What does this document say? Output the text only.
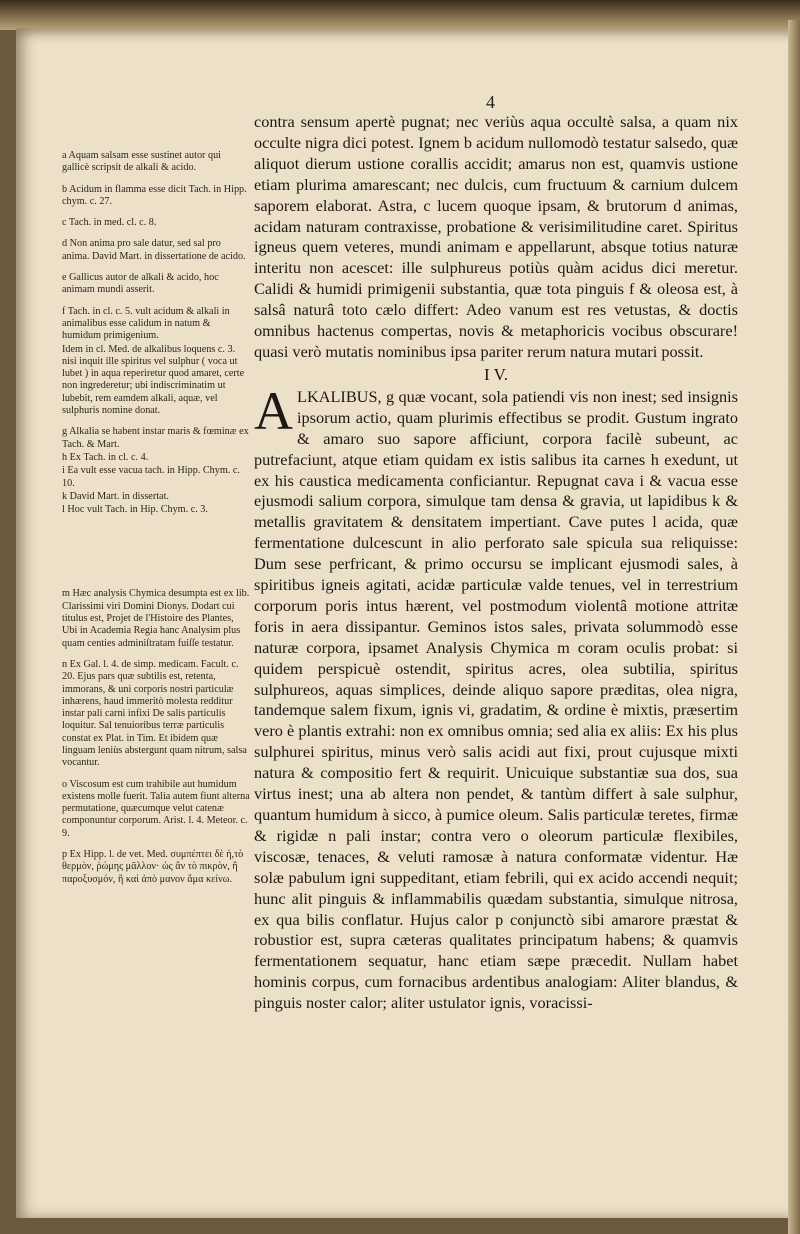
4

a Aquam salsam esse sustinet autor qui gallicè scripsit de alkali & acido.

b Acidum in flamma esse dicit Tach. in Hipp. chym. c. 27.

c Tach. in med. cl. c. 8.

d Non anima pro sale datur, sed sal pro anima. David Mart. in dissertatione de acido.

e Gallicus autor de alkali & acido, hoc animam mundi asserit.

f Tach. in cl. c. 5. vult acidum & alkali in animalibus esse calidum in natum & humidum primigenium.

Idem in cl. Med. de alkalibus loquens c. 3. nisi inquit ille spiritus vel sulphur ( voca ut lubet ) in aqua reperiretur quod amaret, certe non ingrederetur; ubi indiscriminatim ut lubebit, rem eamdem alkali, aquæ, vel sulphuris nomine donat.

g Alkalia se habent instar maris & fœminæ ex Tach. & Mart.

h Ex Tach. in cl. c. 4.

i Ea vult esse vacua tach. in Hipp. Chym. c. 10.

k David Mart. in dissertat.

l Hoc vult Tach. in Hip. Chym. c. 3.

m Hæc analysis Chymica desumpta est ex lib. Clarissimi viri Domini Dionys. Dodart cui titulus est, Projet de l'Histoire des Plantes, Ubi in Academia Regia hanc Analysim plus quam centies adminiſtratam fuiſſe testatur.

n Ex Gal. l. 4. de simp. medicam. Facult. c. 20. Ejus pars quæ subtilis est, retenta, immorans, & uni corporis nostri particulæ inhærens, haud immeritò molesta redditur instar pali carni infixi De salis particulis loquitur. Sal tenuioribus terræ particulis constat ex Plat. in Tim. Et ibidem quæ linguam leniùs abstergunt quam nitrum, salsa vocantur.

o Viscosum est cum trahibile aut humidum existens molle fuerit. Talia autem fiunt alterna permutatione, quæcumque velut catenæ componuntur corporum. Arist. l. 4. Meteor. c. 9.

p Ex Hipp. l. de vet. Med. συμπέπτει δὲ ἡ,τὸ θερμὸν, ῥώμης μᾶλλον· ὡς ἂν τὸ πικρὸν, ἢ παροξυσμόν, ἢ καὶ ἀπὸ μανον ἄμα κείνω.

contra sensum apertè pugnat; nec veriùs aqua occultè salsa, a quam nix occulte nigra dici potest. Ignem b acidum nullomodò testatur salsedo, quæ aliquot dierum ustione corallis accidit; amarus non est, quamvis ustione etiam plurima amarescant; nec dulcis, cum fructuum & carnium dulcem saporem elaborat. Astra, c lucem quoque ipsam, & brutorum d animas, acidam naturam contraxisse, probatione & verisimilitudine caret. Spiritus igneus quem veteres, mundi animam e appellarunt, absque totius naturæ interitu non acescet: ille sulphureus potiùs quàm acidus dici meretur. Calidi & humidi primigenii substantia, quæ tota pinguis f & oleosa est, à salsâ naturâ toto cælo differt: Adeo vanum est res vetustas, & doctis omnibus hactenus compertas, novis & metaphoricis vocibus obscurare! quasi verò mutatis nominibus ipsa pariter rerum natura mutari possit.

I V.

ALKALIBUS, g quæ vocant, sola patiendi vis non inest; sed insignis ipsorum actio, quam plurimis effectibus se prodit. Gustum ingrato & amaro suo sapore afficiunt, corpora facilè subeunt, ac putrefaciunt, atque etiam quidam ex istis salibus ita carnes h exedunt, ut ex his caustica medicamenta conficiantur. Repugnat cava i & vacua esse ejusmodi salium corpora, simulque tam densa & gravia, ut lapidibus k & metallis gravitatem & densitatem impertiant. Cave putes l acida, quæ fermentatione dulcescunt in alio perforato sale spicula sua reliquisse: Dum sese perfricant, & primo occursu se implicant ejusmodi sales, à spiritibus igneis agitati, acidæ particulæ valde tenues, vel in terrestrium corporum poris intus hærent, vel postmodum violentâ motione attritæ foris in aera dissipantur. Geminos istos sales, privata solummodò esse naturæ corpora, ipsamet Analysis Chymica m coram oculis probat: si quidem perspicuè ostendit, spiritus acres, olea subtilia, spiritus sulphureos, aquas simplices, deinde aliquo sapore præditas, olea nigra, tandemque salem fixum, ignis vi, gradatim, & ordine è mixtis, præsertim vero è plantis extrahi: non ex omnibus omnia; sed alia ex aliis: Ex his plus sulphurei spiritus, minus verò salis acidi aut fixi, prout cujusque mixti natura & compositio fert & requirit. Unicuique substantiæ sua dos, sua virtus inest; una ab altera non pendet, & tantùm differt à sale sulphur, quantum humidum à sicco, à pumice oleum. Salis particulæ teretes, firmæ & rigidæ n pali instar; contra vero o oleorum particulæ flexibiles, viscosæ, tenaces, & veluti ramosæ à natura conformatæ videntur. Hæ solæ pabulum igni suppeditant, etiam febrili, qui ex acido accendi nequit; hunc alit pinguis & inflammabilis quædam substantia, simulque nitrosa, ex qua bilis conflatur. Hujus calor p conjunctò sibi amarore præstat & robustior est, supra cæteras qualitates principatum habens; & quamvis fermentationem sequatur, hanc etiam sæpe præcedit. Nullam habet hominis corpus, cum fornacibus ardentibus analogiam: Aliter blandus, & pinguis noster calor; aliter ustulator ignis, voracissi-
